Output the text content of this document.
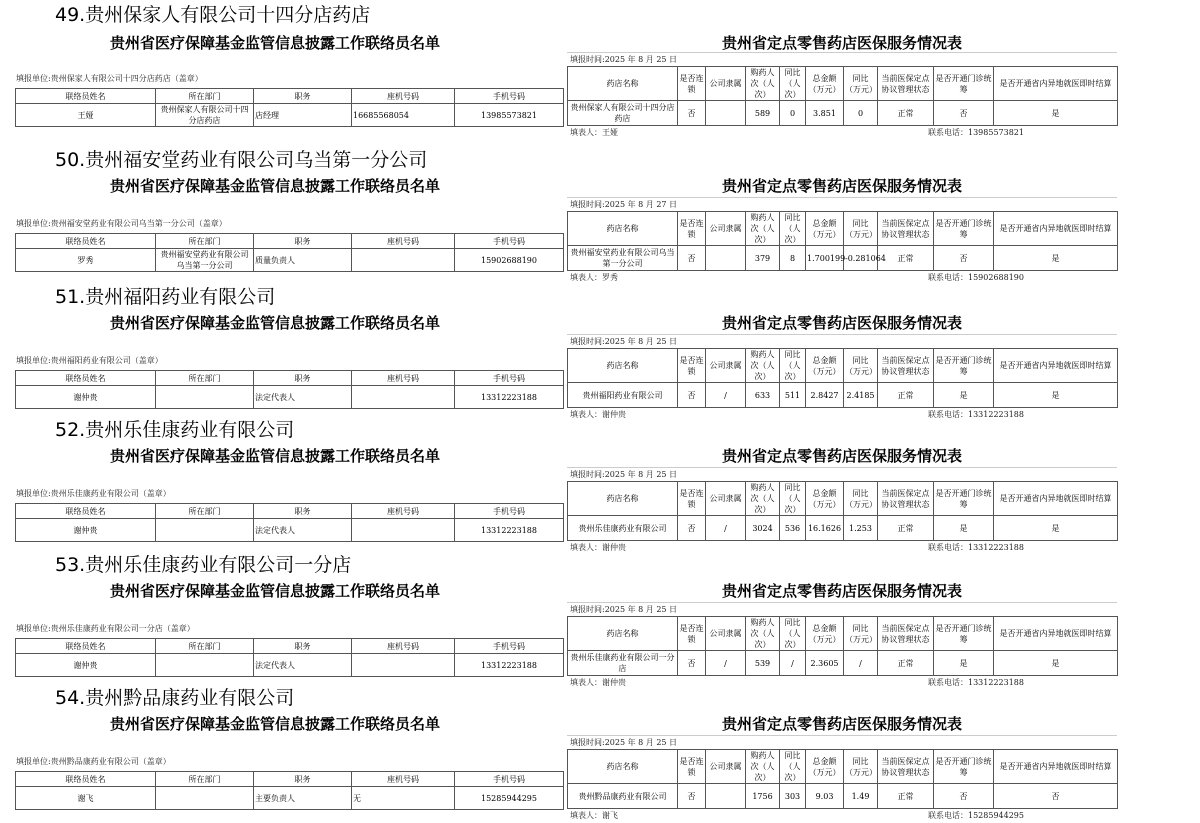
49.贵州保家人有限公司十四分店药店
贵州省医疗保障基金监管信息披露工作联络员名单	贵州省定点零售药店医保服务情况表
填报单位:贵州保家人有限公司十四分店药店（盖章）
联络员姓名	所在部门	职务	座机号码	手机号码
王娅	贵州保家人有限公司十四分店药店	店经理	16685568054	13985573821
填报时间:2025 年 8 月 25 日
药店名称	是否连锁	公司隶属	购药人次（人次）	同比（人次）	总金额（万元）	同比（万元）	当前医保定点协议管理状态	是否开通门诊统筹	是否开通省内异地就医即时结算
贵州保家人有限公司十四分店药店	否		589	0	3.851	0	正常	否	是
填表人：王娅	联系电话：13985573821
50.贵州福安堂药业有限公司乌当第一分公司
贵州省医疗保障基金监管信息披露工作联络员名单	贵州省定点零售药店医保服务情况表
填报单位:贵州福安堂药业有限公司乌当第一分公司（盖章）
联络员姓名	所在部门	职务	座机号码	手机号码
罗秀	贵州福安堂药业有限公司乌当第一分公司	质量负责人		15902688190
填报时间:2025 年 8 月 27 日
药店名称	是否连锁	公司隶属	购药人次（人次）	同比（人次）	总金额（万元）	同比（万元）	当前医保定点协议管理状态	是否开通门诊统筹	是否开通省内异地就医即时结算
贵州福安堂药业有限公司乌当第一分公司	否		379	8	1.700199	-0.281064	正常	否	是
填表人：罗秀	联系电话：15902688190
51.贵州福阳药业有限公司
贵州省医疗保障基金监管信息披露工作联络员名单	贵州省定点零售药店医保服务情况表
填报单位:贵州福阳药业有限公司（盖章）
联络员姓名	所在部门	职务	座机号码	手机号码
谢仲贵		法定代表人		13312223188
填报时间:2025 年 8 月 25 日
药店名称	是否连锁	公司隶属	购药人次（人次）	同比（人次）	总金额（万元）	同比 （万元）	当前医保定点协议管理状态	是否开通门诊统筹	是否开通省内异地就医即时结算
贵州福阳药业有限公司	否	/	633	511	2.8427	2.4185	正常	是	是
填表人：谢仲贵	联系电话：13312223188
52.贵州乐佳康药业有限公司
贵州省医疗保障基金监管信息披露工作联络员名单	贵州省定点零售药店医保服务情况表
填报单位:贵州乐佳康药业有限公司（盖章）
联络员姓名	所在部门	职务	座机号码	手机号码
谢仲贵		法定代表人		13312223188
填报时间:2025 年 8 月 25 日
药店名称	是否连锁	公司隶属	购药人次（人次）	同比（人次）	总金额（万元）	同比 （万元）	当前医保定点协议管理状态	是否开通门诊统筹	是否开通省内异地就医即时结算
贵州乐佳康药业有限公司	否	/	3024	536	16.1626	1.253	正常	是	是
填表人：谢仲贵	联系电话：13312223188
53.贵州乐佳康药业有限公司一分店
贵州省医疗保障基金监管信息披露工作联络员名单	贵州省定点零售药店医保服务情况表
填报单位:贵州乐佳康药业有限公司一分店（盖章）
联络员姓名	所在部门	职务	座机号码	手机号码
谢仲贵		法定代表人		13312223188
填报时间:2025 年 8 月 25 日
药店名称	是否连锁	公司隶属	购药人次（人次）	同比（人次）	总金额（万元）	同比（万元）	当前医保定点协议管理状态	是否开通门诊统筹	是否开通省内异地就医即时结算
贵州乐佳康药业有限公司一分店	否	/	539	/	2.3605	/	正常	是	是
填表人：谢仲贵	联系电话：13312223188
54.贵州黔品康药业有限公司
贵州省医疗保障基金监管信息披露工作联络员名单	贵州省定点零售药店医保服务情况表
填报单位:贵州黔品康药业有限公司（盖章）
联络员姓名	所在部门	职务	座机号码	手机号码
谢飞		主要负责人	无	15285944295
填报时间:2025 年 8 月 25 日
药店名称	是否连锁	公司隶属	购药人次（人次）	同比（人次）	总金额（万元）	同比（万元）	当前医保定点协议管理状态	是否开通门诊统筹	是否开通省内异地就医即时结算
贵州黔品康药业有限公司	否		1756	303	9.03	1.49	正常	否	否
填表人：谢飞	联系电话：15285944295
